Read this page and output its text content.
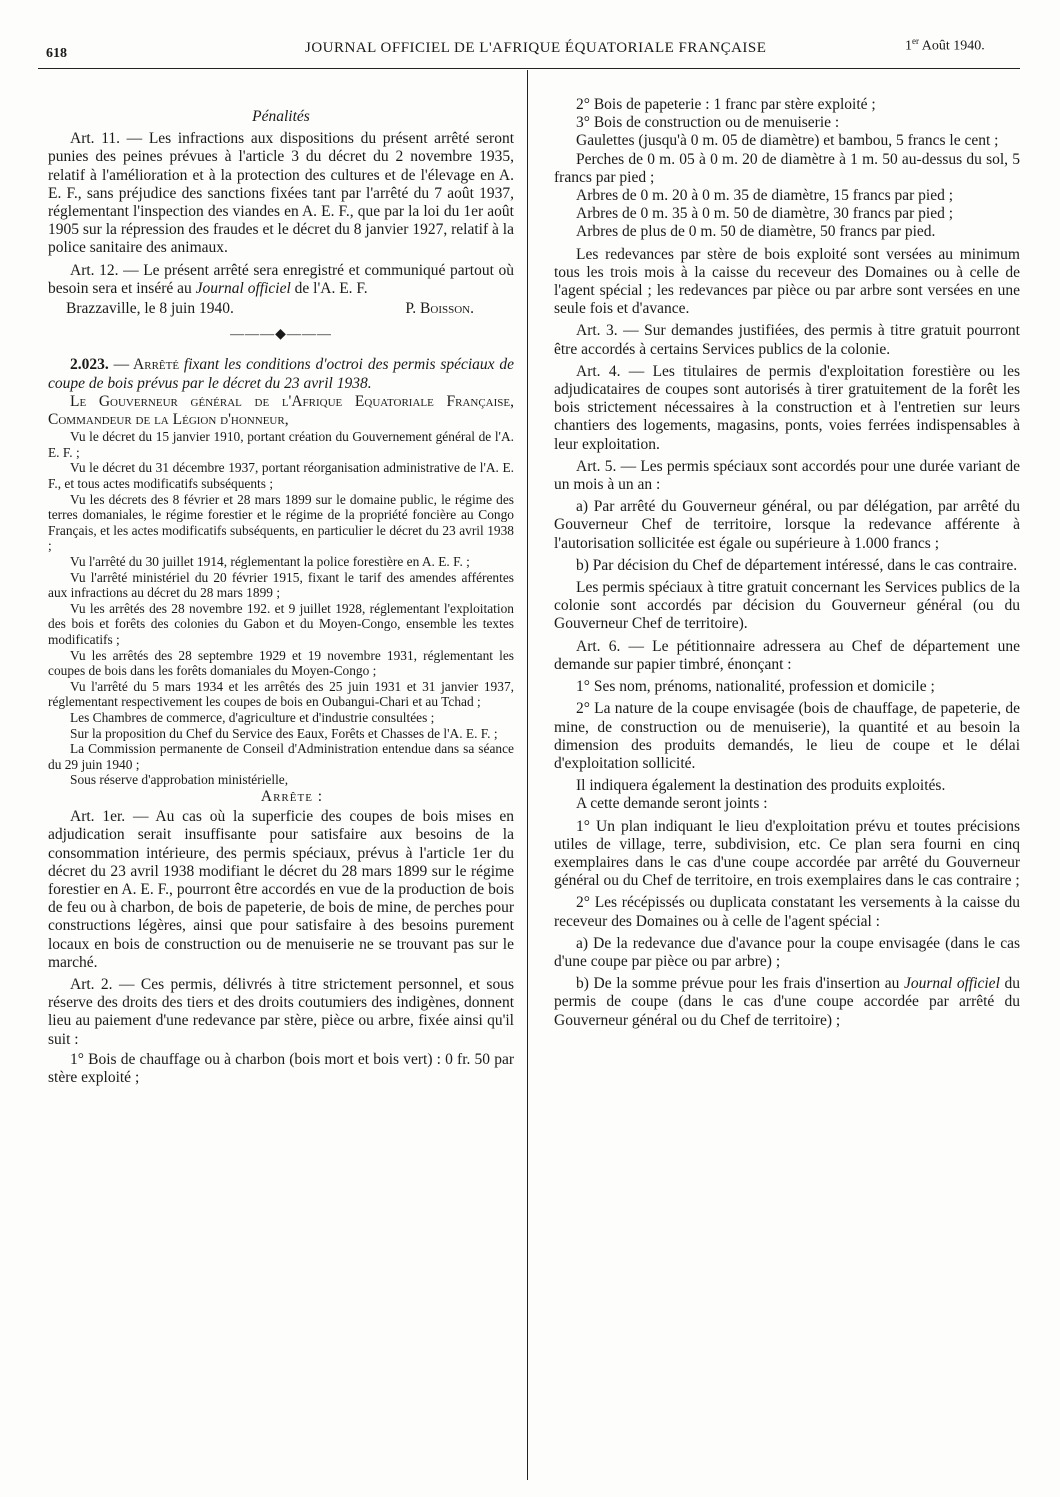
618	JOURNAL OFFICIEL DE L'AFRIQUE ÉQUATORIALE FRANÇAISE	1er Août 1940.

Pénalités

Art. 11. — Les infractions aux dispositions du présent arrêté seront punies des peines prévues à l'article 3 du décret du 2 novembre 1935, relatif à l'amélioration et à la protection des cultures et de l'élevage en A. E. F., sans préjudice des sanctions fixées tant par l'arrêté du 7 août 1937, réglementant l'inspection des viandes en A. E. F., que par la loi du 1er août 1905 sur la répression des fraudes et le décret du 8 janvier 1927, relatif à la police sanitaire des animaux.

Art. 12. — Le présent arrêté sera enregistré et communiqué partout où besoin sera et inséré au Journal officiel de l'A. E. F.

Brazzaville, le 8 juin 1940.	P. Boisson.
———◆———

2.023. — Arrêté fixant les conditions d'octroi des permis spéciaux de coupe de bois prévus par le décret du 23 avril 1938.

Le Gouverneur général de l'Afrique Equatoriale Française, Commandeur de la Légion d'honneur,

Vu le décret du 15 janvier 1910, portant création du Gouvernement général de l'A. E. F. ;

Vu le décret du 31 décembre 1937, portant réorganisation administrative de l'A. E. F., et tous actes modificatifs subséquents ;

Vu les décrets des 8 février et 28 mars 1899 sur le domaine public, le régime des terres domaniales, le régime forestier et le régime de la propriété foncière au Congo Français, et les actes modificatifs subséquents, en particulier le décret du 23 avril 1938 ;

Vu l'arrêté du 30 juillet 1914, réglementant la police forestière en A. E. F. ;

Vu l'arrêté ministériel du 20 février 1915, fixant le tarif des amendes afférentes aux infractions au décret du 28 mars 1899 ;

Vu les arrêtés des 28 novembre 192. et 9 juillet 1928, réglementant l'exploitation des bois et forêts des colonies du Gabon et du Moyen-Congo, ensemble les textes modificatifs ;

Vu les arrêtés des 28 septembre 1929 et 19 novembre 1931, réglementant les coupes de bois dans les forêts domaniales du Moyen-Congo ;

Vu l'arrêté du 5 mars 1934 et les arrêtés des 25 juin 1931 et 31 janvier 1937, réglementant respectivement les coupes de bois en Oubangui-Chari et au Tchad ;

Les Chambres de commerce, d'agriculture et d'industrie consultées ;

Sur la proposition du Chef du Service des Eaux, Forêts et Chasses de l'A. E. F. ;

La Commission permanente de Conseil d'Administration entendue dans sa séance du 29 juin 1940 ;

Sous réserve d'approbation ministérielle,

Arrête :

Art. 1er. — Au cas où la superficie des coupes de bois mises en adjudication serait insuffisante pour satisfaire aux besoins de la consommation intérieure, des permis spéciaux, prévus à l'article 1er du décret du 23 avril 1938 modifiant le décret du 28 mars 1899 sur le régime forestier en A. E. F., pourront être accordés en vue de la production de bois de feu ou à charbon, de bois de papeterie, de bois de mine, de perches pour constructions légères, ainsi que pour satisfaire à des besoins purement locaux en bois de construction ou de menuiserie ne se trouvant pas sur le marché.

Art. 2. — Ces permis, délivrés à titre strictement personnel, et sous réserve des droits des tiers et des droits coutumiers des indigènes, donnent lieu au paiement d'une redevance par stère, pièce ou arbre, fixée ainsi qu'il suit :

1° Bois de chauffage ou à charbon (bois mort et bois vert) : 0 fr. 50 par stère exploité ;

2° Bois de papeterie : 1 franc par stère exploité ;

3° Bois de construction ou de menuiserie :

Gaulettes (jusqu'à 0 m. 05 de diamètre) et bambou, 5 francs le cent ;

Perches de 0 m. 05 à 0 m. 20 de diamètre à 1 m. 50 au-dessus du sol, 5 francs par pied ;

Arbres de 0 m. 20 à 0 m. 35 de diamètre, 15 francs par pied ;

Arbres de 0 m. 35 à 0 m. 50 de diamètre, 30 francs par pied ;

Arbres de plus de 0 m. 50 de diamètre, 50 francs par pied.

Les redevances par stère de bois exploité sont versées au minimum tous les trois mois à la caisse du receveur des Domaines ou à celle de l'agent spécial ; les redevances par pièce ou par arbre sont versées en une seule fois et d'avance.

Art. 3. — Sur demandes justifiées, des permis à titre gratuit pourront être accordés à certains Services publics de la colonie.

Art. 4. — Les titulaires de permis d'exploitation forestière ou les adjudicataires de coupes sont autorisés à tirer gratuitement de la forêt les bois strictement nécessaires à la construction et à l'entretien sur leurs chantiers des logements, magasins, ponts, voies ferrées indispensables à leur exploitation.

Art. 5. — Les permis spéciaux sont accordés pour une durée variant de un mois à un an :

a) Par arrêté du Gouverneur général, ou par délégation, par arrêté du Gouverneur Chef de territoire, lorsque la redevance afférente à l'autorisation sollicitée est égale ou supérieure à 1.000 francs ;

b) Par décision du Chef de département intéressé, dans le cas contraire.

Les permis spéciaux à titre gratuit concernant les Services publics de la colonie sont accordés par décision du Gouverneur général (ou du Gouverneur Chef de territoire).

Art. 6. — Le pétitionnaire adressera au Chef de département une demande sur papier timbré, énonçant :

1° Ses nom, prénoms, nationalité, profession et domicile ;

2° La nature de la coupe envisagée (bois de chauffage, de papeterie, de mine, de construction ou de menuiserie), la quantité et au besoin la dimension des produits demandés, le lieu de coupe et le délai d'exploitation sollicité.

Il indiquera également la destination des produits exploités.

A cette demande seront joints :

1° Un plan indiquant le lieu d'exploitation prévu et toutes précisions utiles de village, terre, subdivision, etc. Ce plan sera fourni en cinq exemplaires dans le cas d'une coupe accordée par arrêté du Gouverneur général ou du Chef de territoire, en trois exemplaires dans le cas contraire ;

2° Les récépissés ou duplicata constatant les versements à la caisse du receveur des Domaines ou à celle de l'agent spécial :

a) De la redevance due d'avance pour la coupe envisagée (dans le cas d'une coupe par pièce ou par arbre) ;

b) De la somme prévue pour les frais d'insertion au Journal officiel du permis de coupe (dans le cas d'une coupe accordée par arrêté du Gouverneur général ou du Chef de territoire) ;
